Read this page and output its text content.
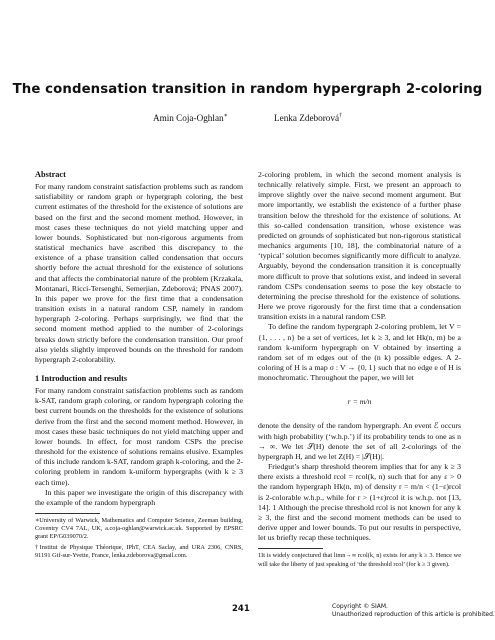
The condensation transition in random hypergraph 2-coloring
Amin Coja-Oghlan∗	Lenka Zdeborová†

Abstract

For many random constraint satisfaction problems such as random satisfiability or random graph or hypergraph coloring, the best current estimates of the threshold for the existence of solutions are based on the first and the second moment method. However, in most cases these techniques do not yield matching upper and lower bounds. Sophisticated but non-rigorous arguments from statistical mechanics have ascribed this discrepancy to the existence of a phase transition called condensation that occurs shortly before the actual threshold for the existence of solutions and that affects the combinatorial nature of the problem (Krzakala, Montanari, Ricci-Tersenghi, Semerjian, Zdeborová; PNAS 2007). In this paper we prove for the first time that a condensation transition exists in a natural random CSP, namely in random hypergraph 2-coloring. Perhaps surprisingly, we find that the second moment method applied to the number of 2-colorings breaks down strictly before the condensation transition. Our proof also yields slightly improved bounds on the threshold for random hypergraph 2-colorability.

1 Introduction and results

For many random constraint satisfaction problems such as random k-SAT, random graph coloring, or random hypergraph coloring the best current bounds on the thresholds for the existence of solutions derive from the first and the second moment method. However, in most cases these basic techniques do not yield matching upper and lower bounds. In effect, for most random CSPs the precise threshold for the existence of solutions remains elusive. Examples of this include random k-SAT, random graph k-coloring, and the 2-coloring problem in random k-uniform hypergraphs (with k ≥ 3 each time).

In this paper we investigate the origin of this discrepancy with the example of the random hypergraph

∗University of Warwick, Mathematics and Computer Science, Zeeman building, Coventry CV4 7AL, UK, a.coja-oghlan@warwick.ac.uk. Supported by EPSRC grant EP/G039070/2.

†Institut de Physique Théorique, IPhT, CEA Saclay, and URA 2306, CNRS, 91191 Gif-sur-Yvette, France, lenka.zdeborova@gmail.com.

2-coloring problem, in which the second moment analysis is technically relatively simple. First, we present an approach to improve slightly over the naive second moment argument. But more importantly, we establish the existence of a further phase transition below the threshold for the existence of solutions. At this so-called condensation transition, whose existence was predicted on grounds of sophisticated but non-rigorous statistical mechanics arguments [10, 18], the combinatorial nature of a ‘typical’ solution becomes significantly more difficult to analyze. Arguably, beyond the condensation transition it is conceptually more difficult to prove that solutions exist, and indeed in several random CSPs condensation seems to pose the key obstacle to determining the precise threshold for the existence of solutions. Here we prove rigorously for the first time that a condensation transition exists in a natural random CSP.

To define the random hypergraph 2-coloring problem, let V = {1, . . . , n} be a set of vertices, let k ≥ 3, and let Hk(n, m) be a random k-uniform hypergraph on V obtained by inserting a random set of m edges out of the (n k) possible edges. A 2-coloring of H is a map σ : V → {0, 1} such that no edge e of H is monochromatic. Throughout the paper, we will let

r = m/n

denote the density of the random hypergraph. An event ℰ occurs with high probability (‘w.h.p.’) if its probability tends to one as n → ∞. We let 𝒮(H) denote the set of all 2-colorings of the hypergraph H, and we let Z(H) = |𝒮(H)|.

Friedgut’s sharp threshold theorem implies that for any k ≥ 3 there exists a threshold rcol = rcol(k, n) such that for any ε > 0 the random hypergraph Hk(n, m) of density r = m/n < (1−ε)rcol is 2-colorable w.h.p., while for r > (1+ε)rcol it is w.h.p. not [13, 14]. 1 Although the precise threshold rcol is not known for any k ≥ 3, the first and the second moment methods can be used to derive upper and lower bounds. To put our results in perspective, let us briefly recap these techniques.

1It is widely conjectured that limn→∞ rcol(k, n) exists for any k ≥ 3. Hence we will take the liberty of just speaking of ‘the threshold rcol’ (for k ≥ 3 given).

241	Copyright © SIAM.
Unauthorized reproduction of this article is prohibited.
